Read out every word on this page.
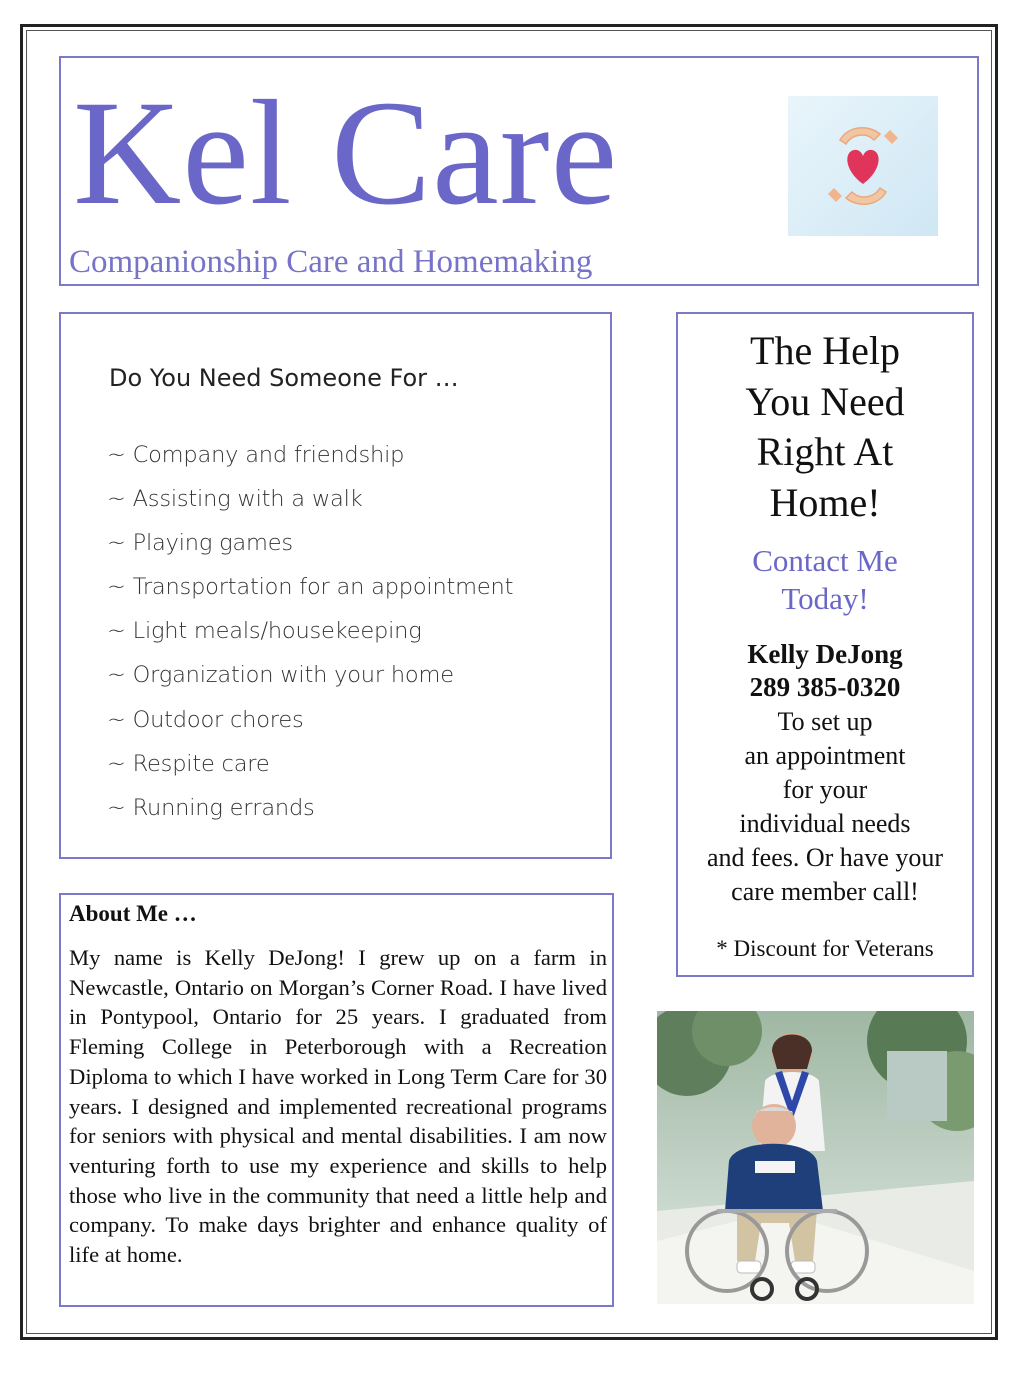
Kel Care
Companionship Care and Homemaking
Do You Need Someone For …
~ Company and friendship
~ Assisting with a walk
~ Playing games
~ Transportation for an appointment
~ Light meals/housekeeping
~ Organization with your home
~ Outdoor chores
~ Respite care
~ Running errands
The Help
You Need
Right At
Home!
Contact Me
Today!
Kelly DeJong
289 385-0320
To set up
an appointment
for your
individual needs
and fees. Or have your
care member call!
* Discount for Veterans
About Me …
My name is Kelly DeJong! I grew up on a farm in Newcastle, Ontario on Morgan’s Corner Road. I have lived in Pontypool, Ontario for 25 years. I graduated from Fleming College in Peterborough with a Recreation Diploma to which I have worked in Long Term Care for 30 years. I designed and implemented recreational programs for seniors with physical and mental disabilities. I am now venturing forth to use my experience and skills to help those who live in the community that need a little help and company. To make days brighter and enhance quality of life at home.
